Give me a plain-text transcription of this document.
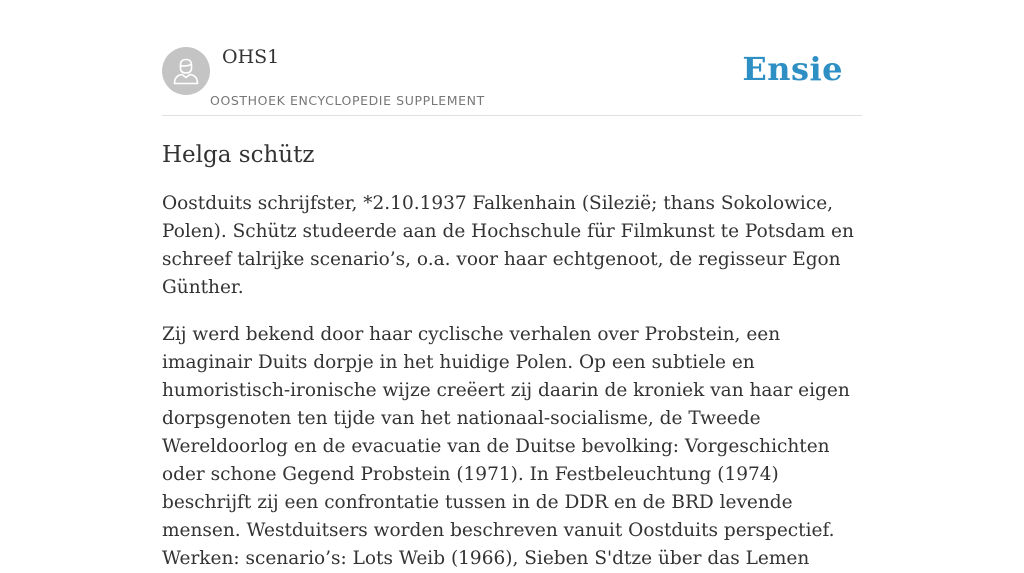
OHS1
OOSTHOEK ENCYCLOPEDIE SUPPLEMENT
Ensie
Helga schütz

Oostduits schrijfster, *2.10.1937 Falkenhain (Silezië; thans Sokolowice, Polen). Schütz studeerde aan de Hochschule für Filmkunst te Potsdam en schreef talrijke scenario’s, o.a. voor haar echtgenoot, de regisseur Egon Günther.

Zij werd bekend door haar cyclische verhalen over Probstein, een imaginair Duits dorpje in het huidige Polen. Op een subtiele en humoristisch-ironische wijze creëert zij daarin de kroniek van haar eigen dorpsgenoten ten tijde van het nationaal-socialisme, de Tweede Wereldoorlog en de evacuatie van de Duitse bevolking: Vorgeschichten oder schone Gegend Probstein (1971). In Festbeleuchtung (1974) beschrijft zij een confrontatie tussen in de DDR en de BRD levende mensen. Westduitsers worden beschreven vanuit Oostduits perspectief. Werken: scenario’s: Lots Weib (1966), Sieben S'dtze über das Lemen
